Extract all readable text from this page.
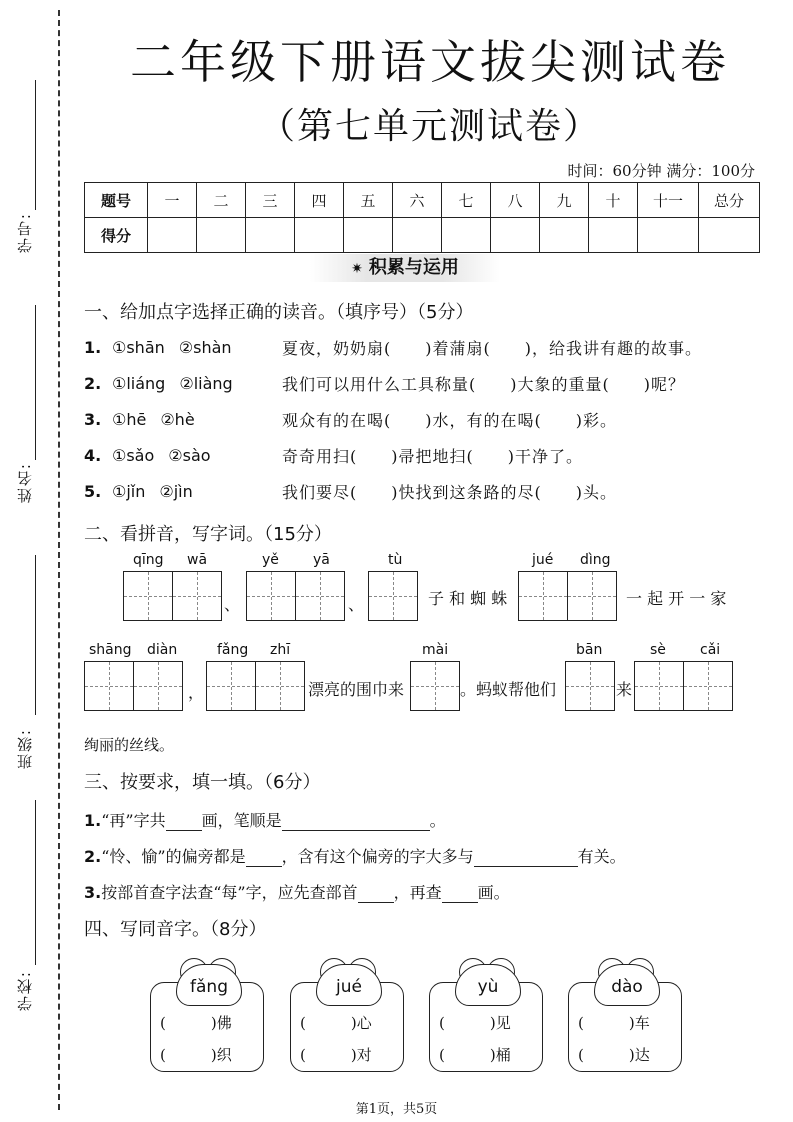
学号:
姓名:
班级:
学校:
二年级下册语文拔尖测试卷
（第七单元测试卷）
时间：60分钟 满分：100分
题号	一	二	三	四	五	六	七	八	九	十	十一	总分
得分												
✷ 积累与运用
一、给加点字选择正确的读音。（填序号）（5分）
1. ①shān ②shàn	夏夜，奶奶扇(　　)着蒲扇(　　)，给我讲有趣的故事。
2. ①liáng ②liàng	我们可以用什么工具称量(　　)大象的重量(　　)呢？
3. ①hē ②hè	观众有的在喝(　　)水，有的在喝(　　)彩。
4. ①sǎo ②sào	奇奇用扫(　　)帚把地扫(　　)干净了。
5. ①jǐn ②jìn	我们要尽(　　)快找到这条路的尽(　　)头。
二、看拼音，写字词。（15分）
qīng wā
、
yě yā
、
tù
子 和 蜘 蛛
jué dìng
一 起 开 一 家
shāng diàn
，
fǎng zhī
漂亮的围巾来
mài
。蚂蚁帮他们
bān
来
sè cǎi
绚丽的丝线。
三、按要求，填一填。（6分）
1.“再”字共 画，笔顺是	。
2.“怜、愉”的偏旁都是 ，含有这个偏旁的字大多与	有关。
3.按部首查字法查“每”字，应先查部首 ，再查 画。
四、写同音字。（8分）
fǎng
(　　　)佛
(　　　)织
jué
(　　　)心
(　　　)对
yù
(　　　)见
(　　　)桶
dào
(　　　)车
(　　　)达
第1页，共5页
